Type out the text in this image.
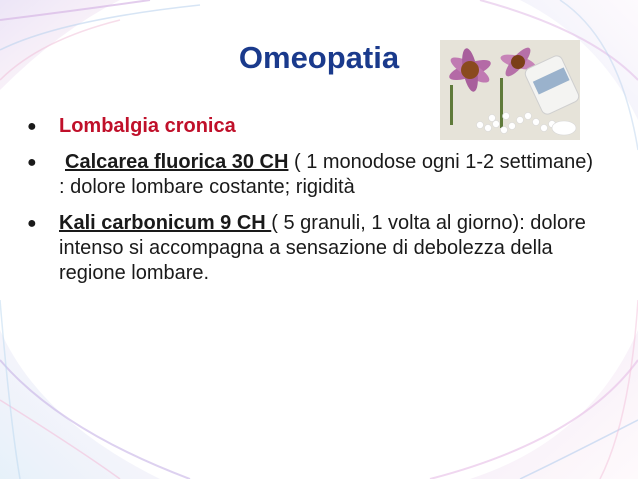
Omeopatia
● Lombalgia cronica
● Calcarea fluorica 30 CH ( 1 monodose ogni 1-2 settimane) : dolore lombare costante; rigidità
● Kali carbonicum 9 CH ( 5 granuli, 1 volta al giorno): dolore intenso si accompagna a sensazione di debolezza della regione lombare.
